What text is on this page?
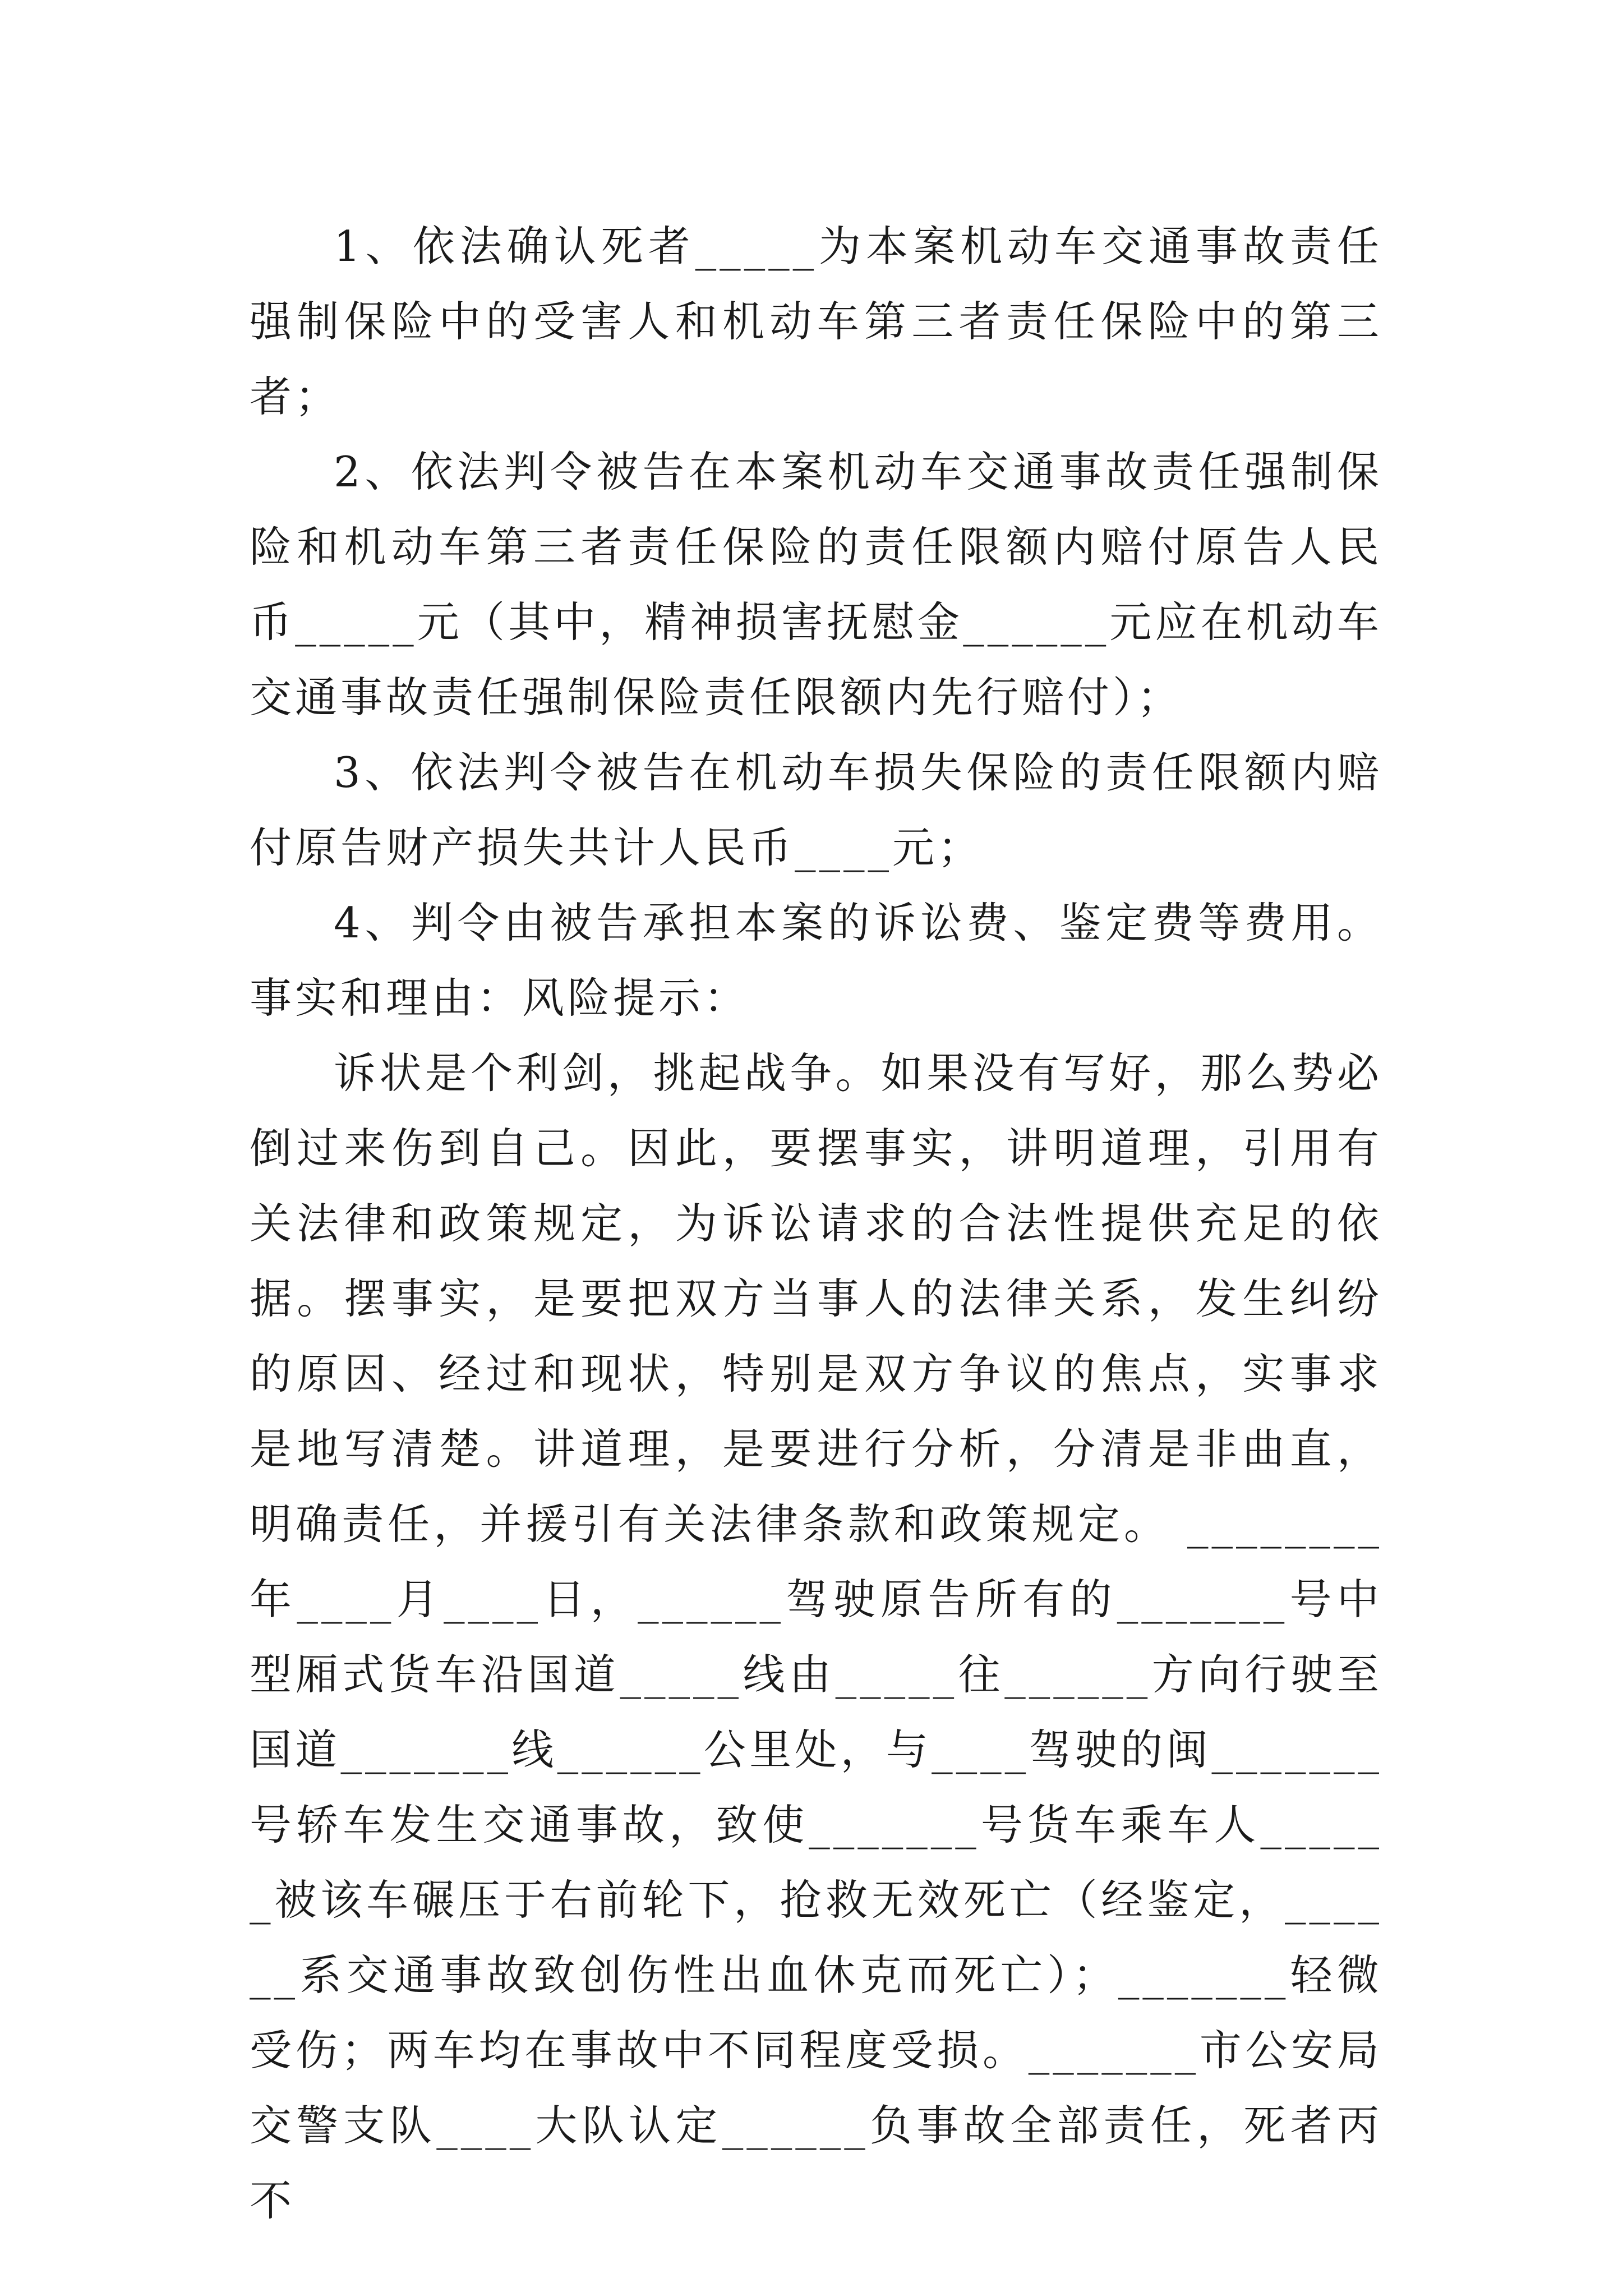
1、依法确认死者_____为本案机动车交通事故责任强制保险中的受害人和机动车第三者责任保险中的第三者；

2、依法判令被告在本案机动车交通事故责任强制保险和机动车第三者责任保险的责任限额内赔付原告人民币_____元（其中，精神损害抚慰金______元应在机动车交通事故责任强制保险责任限额内先行赔付）；

3、依法判令被告在机动车损失保险的责任限额内赔付原告财产损失共计人民币____元；

4、判令由被告承担本案的诉讼费、鉴定费等费用。事实和理由：风险提示：

诉状是个利剑，挑起战争。如果没有写好，那么势必倒过来伤到自己。因此，要摆事实，讲明道理，引用有关法律和政策规定，为诉讼请求的合法性提供充足的依据。摆事实，是要把双方当事人的法律关系，发生纠纷的原因、经过和现状，特别是双方争议的焦点，实事求是地写清楚。讲道理，是要进行分析，分清是非曲直，明确责任，并援引有关法律条款和政策规定。 ________年____月____日，______驾驶原告所有的_______号中型厢式货车沿国道_____线由_____往______方向行驶至国道_______线______公里处，与____驾驶的闽_______号轿车发生交通事故，致使_______号货车乘车人______被该车碾压于右前轮下，抢救无效死亡（经鉴定，______系交通事故致创伤性出血休克而死亡）；_______轻微受伤；两车均在事故中不同程度受损。_______市公安局交警支队____大队认定______负事故全部责任，死者丙不
